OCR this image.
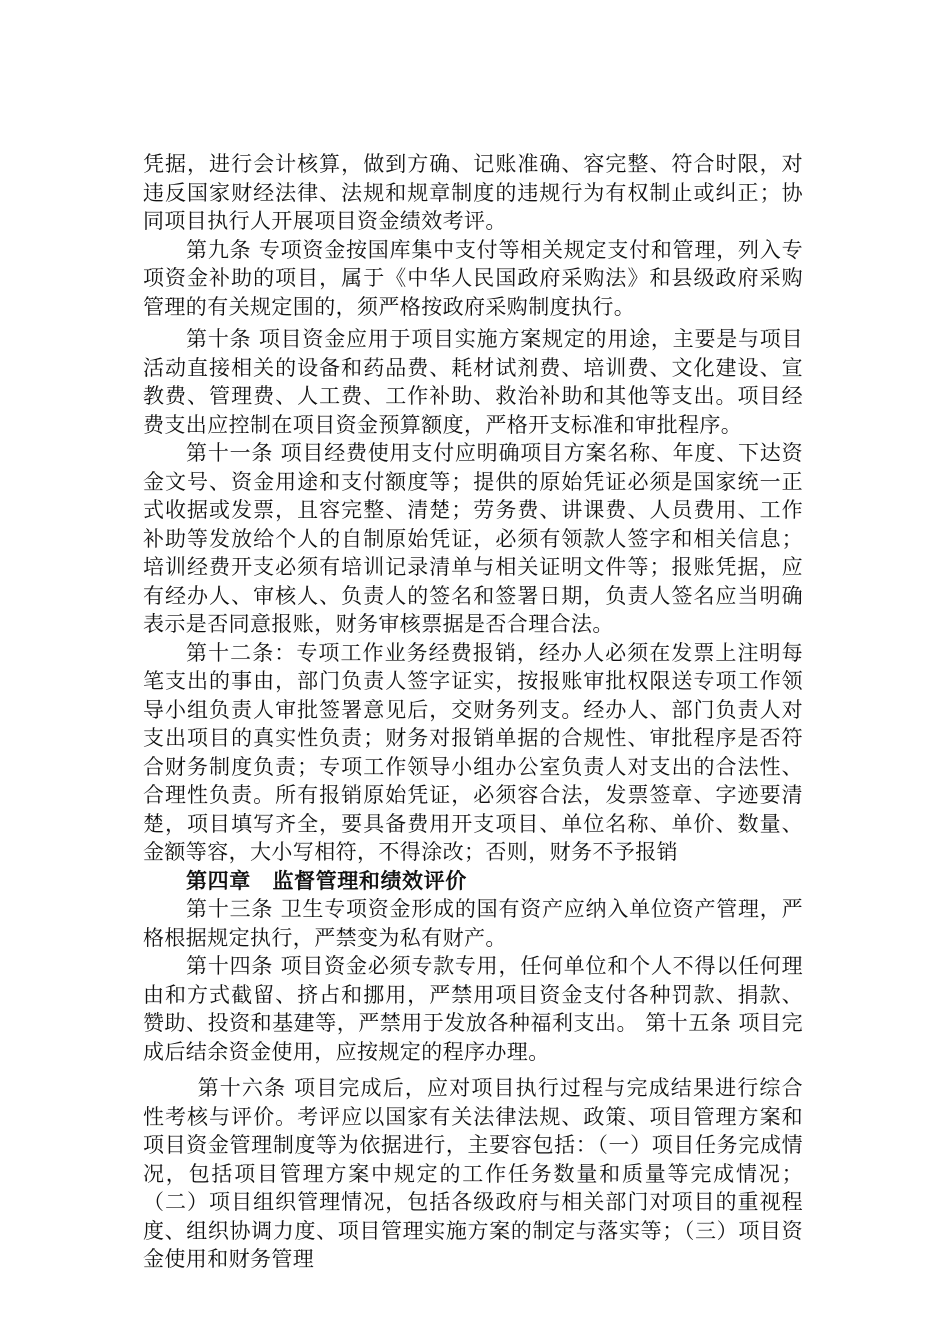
凭据，进行会计核算，做到方确、记账准确、容完整、符合时限，对违反国家财经法律、法规和规章制度的违规行为有权制止或纠正；协同项目执行人开展项目资金绩效考评。

第九条 专项资金按国库集中支付等相关规定支付和管理，列入专项资金补助的项目，属于《中华人民国政府采购法》和县级政府采购管理的有关规定围的，须严格按政府采购制度执行。

第十条 项目资金应用于项目实施方案规定的用途，主要是与项目活动直接相关的设备和药品费、耗材试剂费、培训费、文化建设、宣教费、管理费、人工费、工作补助、救治补助和其他等支出。项目经费支出应控制在项目资金预算额度，严格开支标准和审批程序。

第十一条 项目经费使用支付应明确项目方案名称、年度、下达资金文号、资金用途和支付额度等；提供的原始凭证必须是国家统一正式收据或发票，且容完整、清楚；劳务费、讲课费、人员费用、工作补助等发放给个人的自制原始凭证，必须有领款人签字和相关信息；培训经费开支必须有培训记录清单与相关证明文件等；报账凭据，应有经办人、审核人、负责人的签名和签署日期，负责人签名应当明确表示是否同意报账，财务审核票据是否合理合法。

第十二条：专项工作业务经费报销，经办人必须在发票上注明每笔支出的事由，部门负责人签字证实，按报账审批权限送专项工作领导小组负责人审批签署意见后，交财务列支。经办人、部门负责人对支出项目的真实性负责；财务对报销单据的合规性、审批程序是否符合财务制度负责；专项工作领导小组办公室负责人对支出的合法性、合理性负责。所有报销原始凭证，必须容合法，发票签章、字迹要清楚，项目填写齐全，要具备费用开支项目、单位名称、单价、数量、金额等容，大小写相符，不得涂改；否则，财务不予报销

第四章　监督管理和绩效评价

第十三条 卫生专项资金形成的国有资产应纳入单位资产管理，严格根据规定执行，严禁变为私有财产。

第十四条 项目资金必须专款专用，任何单位和个人不得以任何理由和方式截留、挤占和挪用，严禁用项目资金支付各种罚款、捐款、赞助、投资和基建等，严禁用于发放各种福利支出。 第十五条 项目完成后结余资金使用，应按规定的程序办理。

第十六条 项目完成后，应对项目执行过程与完成结果进行综合性考核与评价。考评应以国家有关法律法规、政策、项目管理方案和项目资金管理制度等为依据进行，主要容包括：（一）项目任务完成情况，包括项目管理方案中规定的工作任务数量和质量等完成情况；（二）项目组织管理情况，包括各级政府与相关部门对项目的重视程度、组织协调力度、项目管理实施方案的制定与落实等；（三）项目资金使用和财务管理
